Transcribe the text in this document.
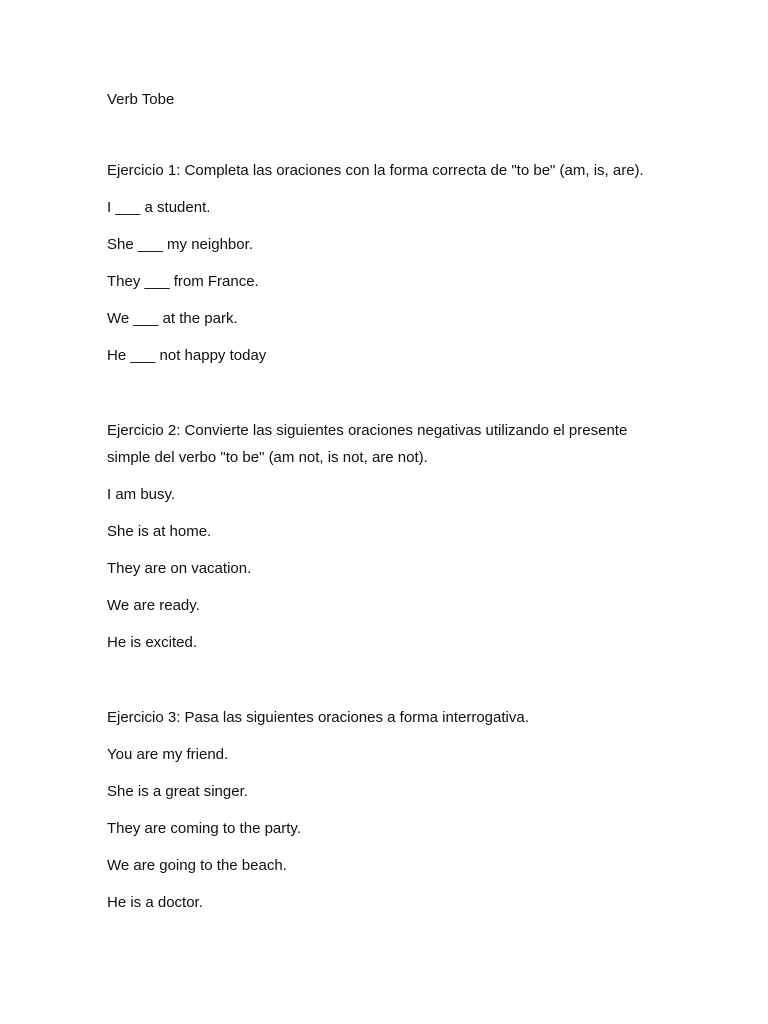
Verb Tobe

Ejercicio 1: Completa las oraciones con la forma correcta de "to be" (am, is, are).

I ___ a student.
She ___ my neighbor.
They ___ from France.
We ___ at the park.
He ___ not happy today

Ejercicio 2: Convierte las siguientes oraciones negativas utilizando el presente simple del verbo "to be" (am not, is not, are not).

I am busy.
She is at home.
They are on vacation.
We are ready.
He is excited.

Ejercicio 3: Pasa las siguientes oraciones a forma interrogativa.

You are my friend.
She is a great singer.
They are coming to the party.
We are going to the beach.
He is a doctor.
